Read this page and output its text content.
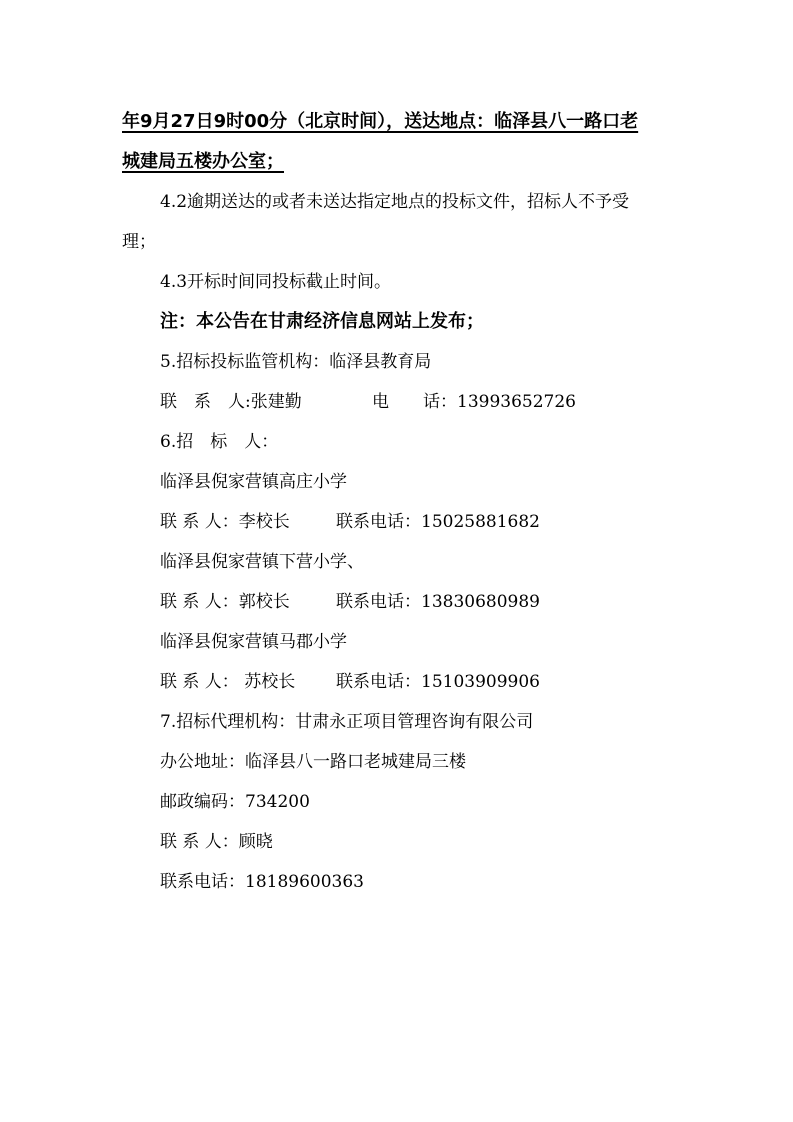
年9月27日9时00分（北京时间），送达地点：临泽县八一路口老
城建局五楼办公室；
4.2逾期送达的或者未送达指定地点的投标文件，招标人不予受
理；
4.3开标时间同投标截止时间。
注：本公告在甘肃经济信息网站上发布；
5.招标投标监管机构：临泽县教育局
联　系　人:张建勤	电　　话：13993652726
6.招　标　人：
临泽县倪家营镇高庄小学
联 系 人：李校长	联系电话：15025881682
临泽县倪家营镇下营小学、
联 系 人：郭校长	联系电话：13830680989
临泽县倪家营镇马郡小学
联 系 人： 苏校长 联系电话：15103909906
7.招标代理机构：甘肃永正项目管理咨询有限公司
办公地址：临泽县八一路口老城建局三楼
邮政编码：734200
联 系 人：顾晓
联系电话：18189600363
